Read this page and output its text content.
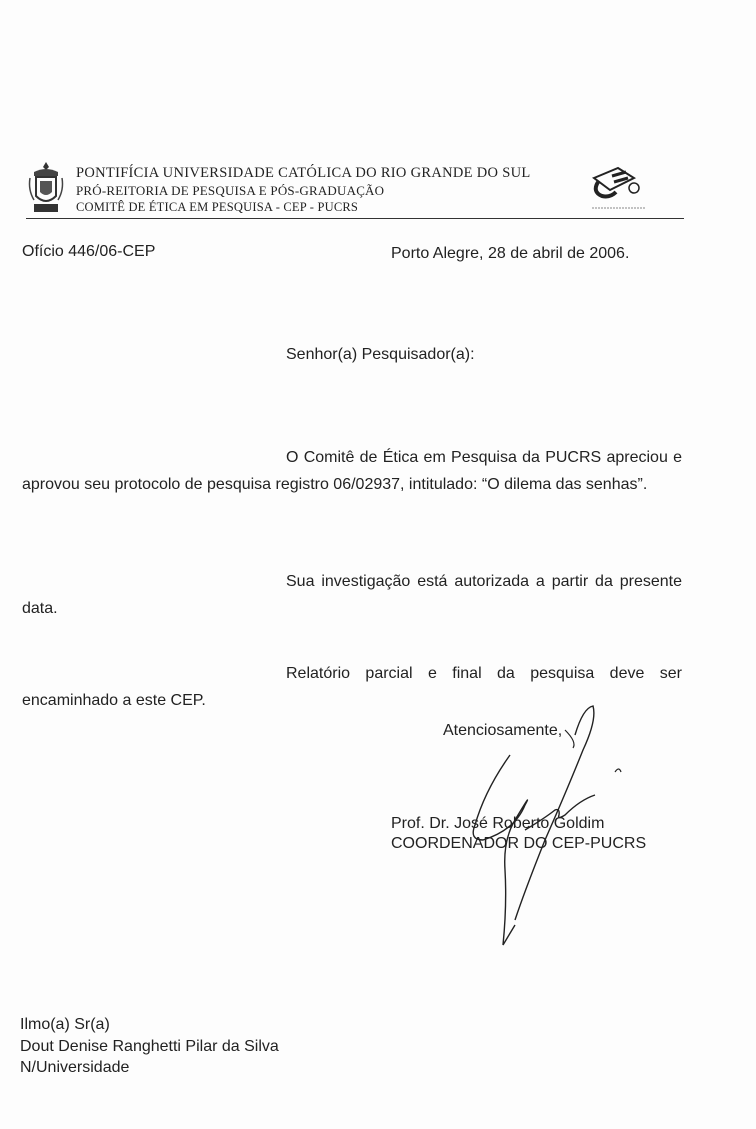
PONTIFÍCIA UNIVERSIDADE CATÓLICA DO RIO GRANDE DO SUL
PRÓ-REITORIA DE PESQUISA E PÓS-GRADUAÇÃO
COMITÊ DE ÉTICA EM PESQUISA - CEP - PUCRS
Ofício 446/06-CEP	Porto Alegre, 28 de abril de 2006.
Senhor(a) Pesquisador(a):
O Comitê de Ética em Pesquisa da PUCRS apreciou e aprovou seu protocolo de pesquisa registro 06/02937, intitulado: “O dilema das senhas”.
Sua investigação está autorizada a partir da presente data.
Relatório parcial e final da pesquisa deve ser encaminhado a este CEP.
Atenciosamente,
Prof. Dr. José Roberto Goldim
COORDENADOR DO CEP-PUCRS
Ilmo(a) Sr(a)
Dout Denise Ranghetti Pilar da Silva
N/Universidade
